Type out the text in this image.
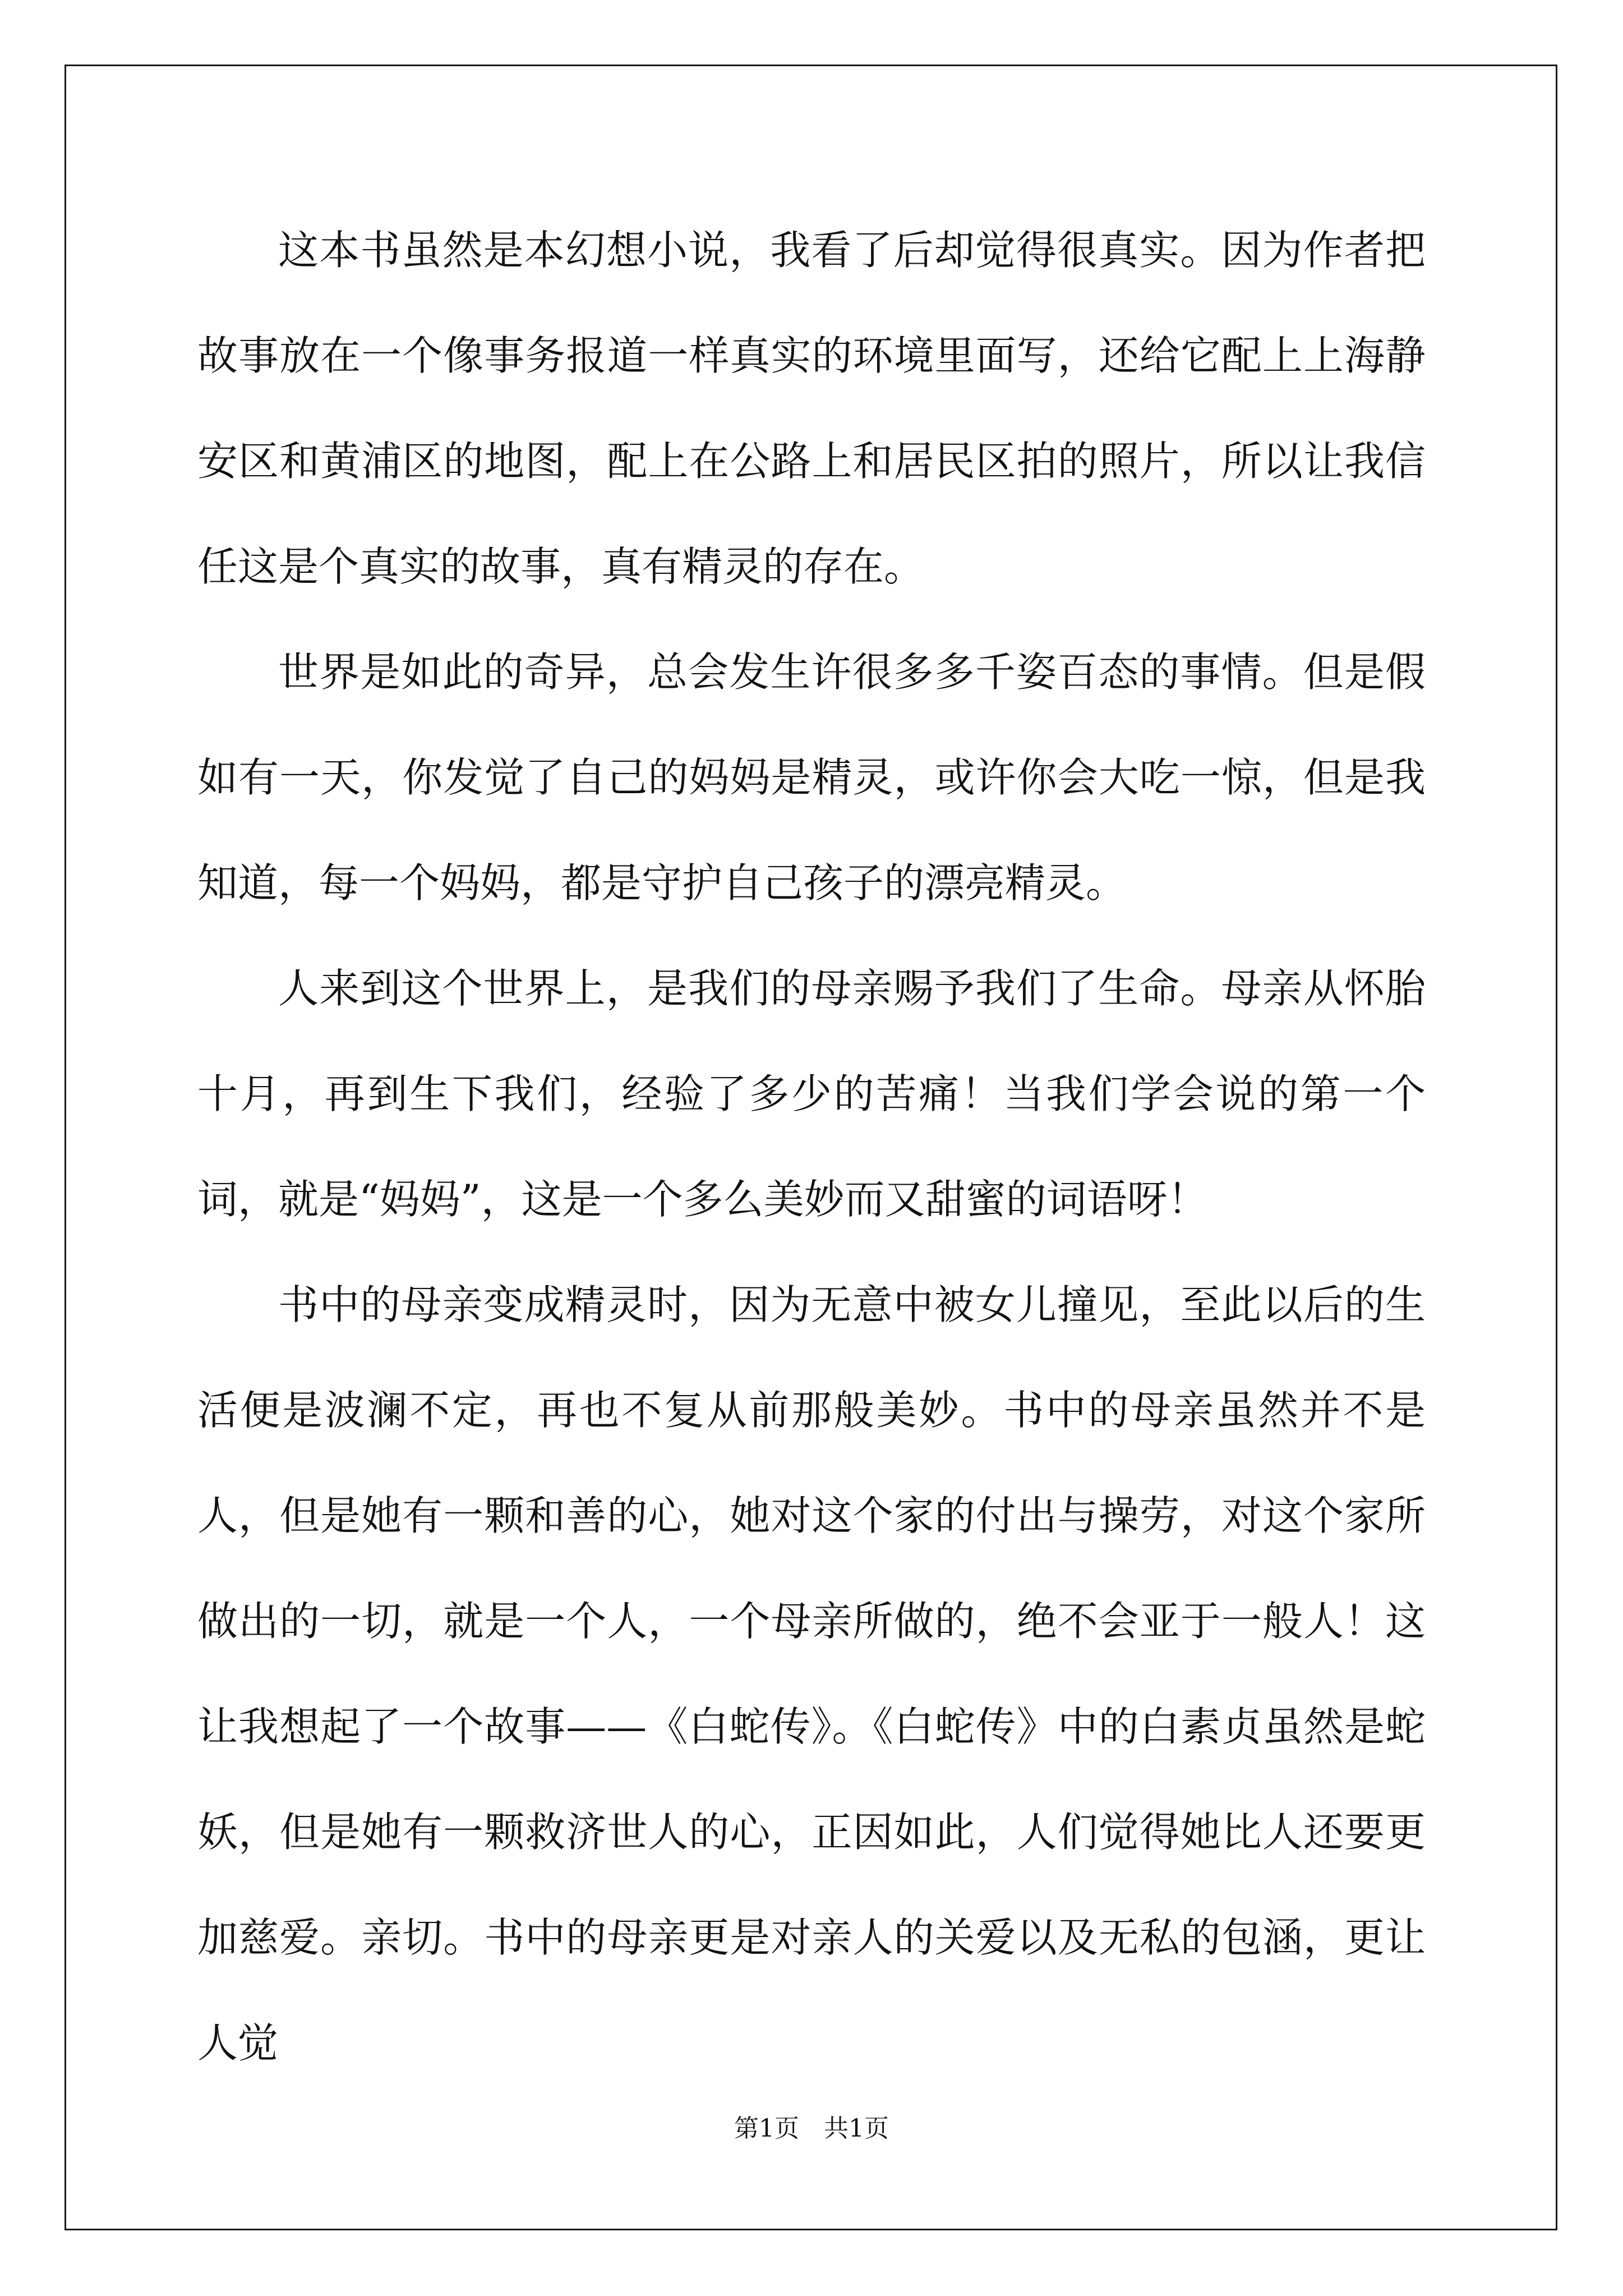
这本书虽然是本幻想小说，我看了后却觉得很真实。因为作者把故事放在一个像事务报道一样真实的环境里面写，还给它配上上海静安区和黄浦区的地图，配上在公路上和居民区拍的照片，所以让我信任这是个真实的故事，真有精灵的存在。

世界是如此的奇异，总会发生许很多多千姿百态的事情。但是假如有一天，你发觉了自己的妈妈是精灵，或许你会大吃一惊，但是我知道，每一个妈妈，都是守护自己孩子的漂亮精灵。

人来到这个世界上，是我们的母亲赐予我们了生命。母亲从怀胎十月，再到生下我们，经验了多少的苦痛！当我们学会说的第一个词，就是“妈妈”，这是一个多么美妙而又甜蜜的词语呀！

书中的母亲变成精灵时，因为无意中被女儿撞见，至此以后的生活便是波澜不定，再也不复从前那般美妙。书中的母亲虽然并不是人，但是她有一颗和善的心，她对这个家的付出与操劳，对这个家所做出的一切，就是一个人，一个母亲所做的，绝不会亚于一般人！这让我想起了一个故事——《白蛇传》。《白蛇传》中的白素贞虽然是蛇妖，但是她有一颗救济世人的心，正因如此，人们觉得她比人还要更加慈爱。亲切。书中的母亲更是对亲人的关爱以及无私的包涵，更让人觉

第1页　共1页
